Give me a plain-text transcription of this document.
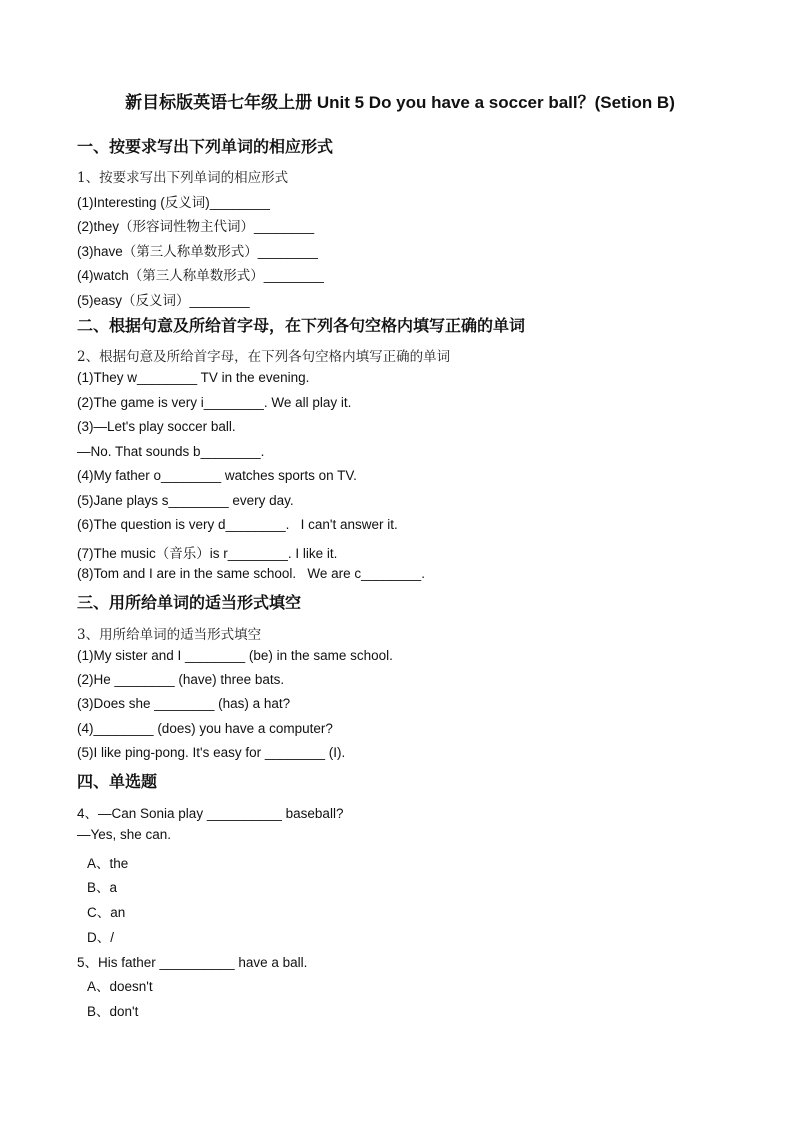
新目标版英语七年级上册 Unit 5 Do you have a soccer ball？(Setion B)
一、按要求写出下列单词的相应形式
1、按要求写出下列单词的相应形式
(1)Interesting (反义词)________
(2)they（形容词性物主代词）________
(3)have（第三人称单数形式）________
(4)watch（第三人称单数形式）________
(5)easy（反义词）________
二、根据句意及所给首字母，在下列各句空格内填写正确的单词
2、根据句意及所给首字母，在下列各句空格内填写正确的单词
(1)They w________ TV in the evening.
(2)The game is very i________. We all play it.
(3)—Let's play soccer ball.
—No. That sounds b________.
(4)My father o________ watches sports on TV.
(5)Jane plays s________ every day.
(6)The question is very d________.   I can't answer it.
(7)The music（音乐）is r________. I like it.
(8)Tom and I are in the same school.   We are c________.
三、用所给单词的适当形式填空
3、用所给单词的适当形式填空
(1)My sister and I ________ (be) in the same school.
(2)He ________ (have) three bats.
(3)Does she ________ (has) a hat?
(4)________ (does) you have a computer?
(5)I like ping-pong. It's easy for ________ (I).
四、单选题
4、—Can Sonia play __________ baseball?
—Yes, she can.
A、the
B、a
C、an
D、/
5、His father __________ have a ball.
A、doesn't
B、don't
